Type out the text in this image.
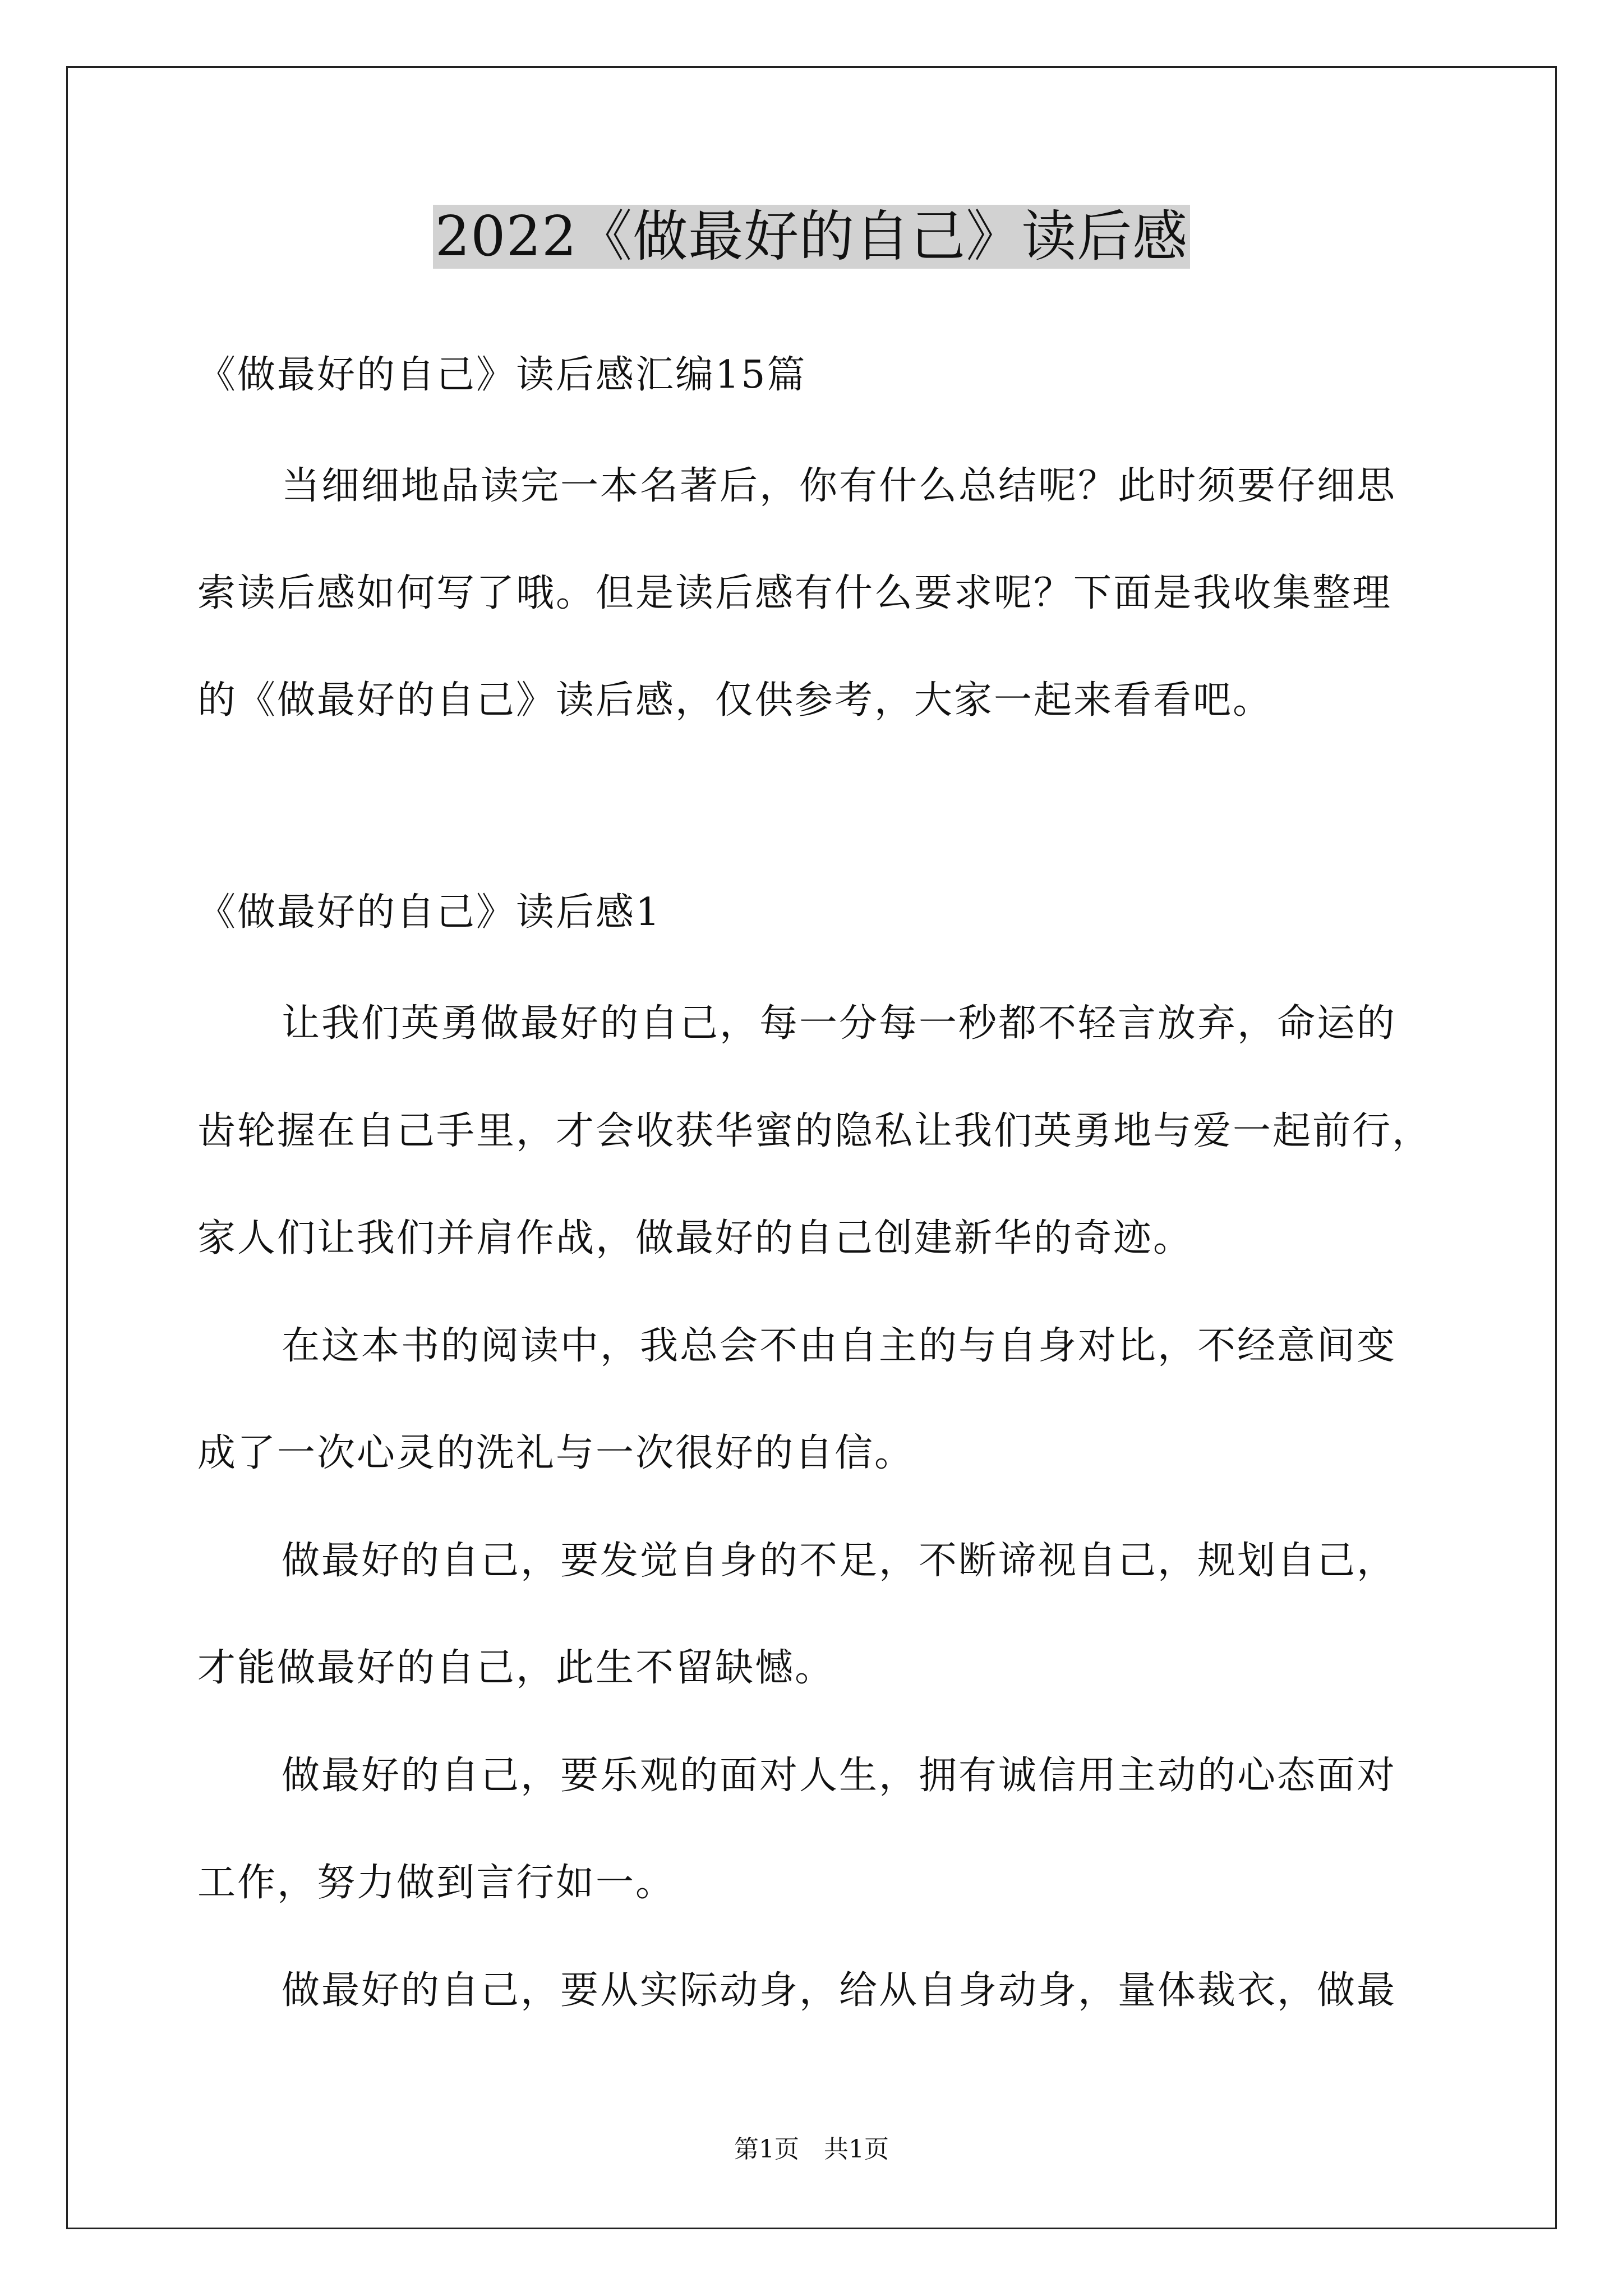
2022《做最好的自己》读后感
《做最好的自己》读后感汇编15篇
当细细地品读完一本名著后，你有什么总结呢？此时须要仔细思
索读后感如何写了哦。但是读后感有什么要求呢？下面是我收集整理
的《做最好的自己》读后感，仅供参考，大家一起来看看吧。
《做最好的自己》读后感1
让我们英勇做最好的自己，每一分每一秒都不轻言放弃，命运的
齿轮握在自己手里，才会收获华蜜的隐私让我们英勇地与爱一起前行，
家人们让我们并肩作战，做最好的自己创建新华的奇迹。
在这本书的阅读中，我总会不由自主的与自身对比，不经意间变
成了一次心灵的洗礼与一次很好的自信。
做最好的自己，要发觉自身的不足，不断谛视自己，规划自己，
才能做最好的自己，此生不留缺憾。
做最好的自己，要乐观的面对人生，拥有诚信用主动的心态面对
工作，努力做到言行如一。
做最好的自己，要从实际动身，给从自身动身，量体裁衣，做最
第1页　共1页
